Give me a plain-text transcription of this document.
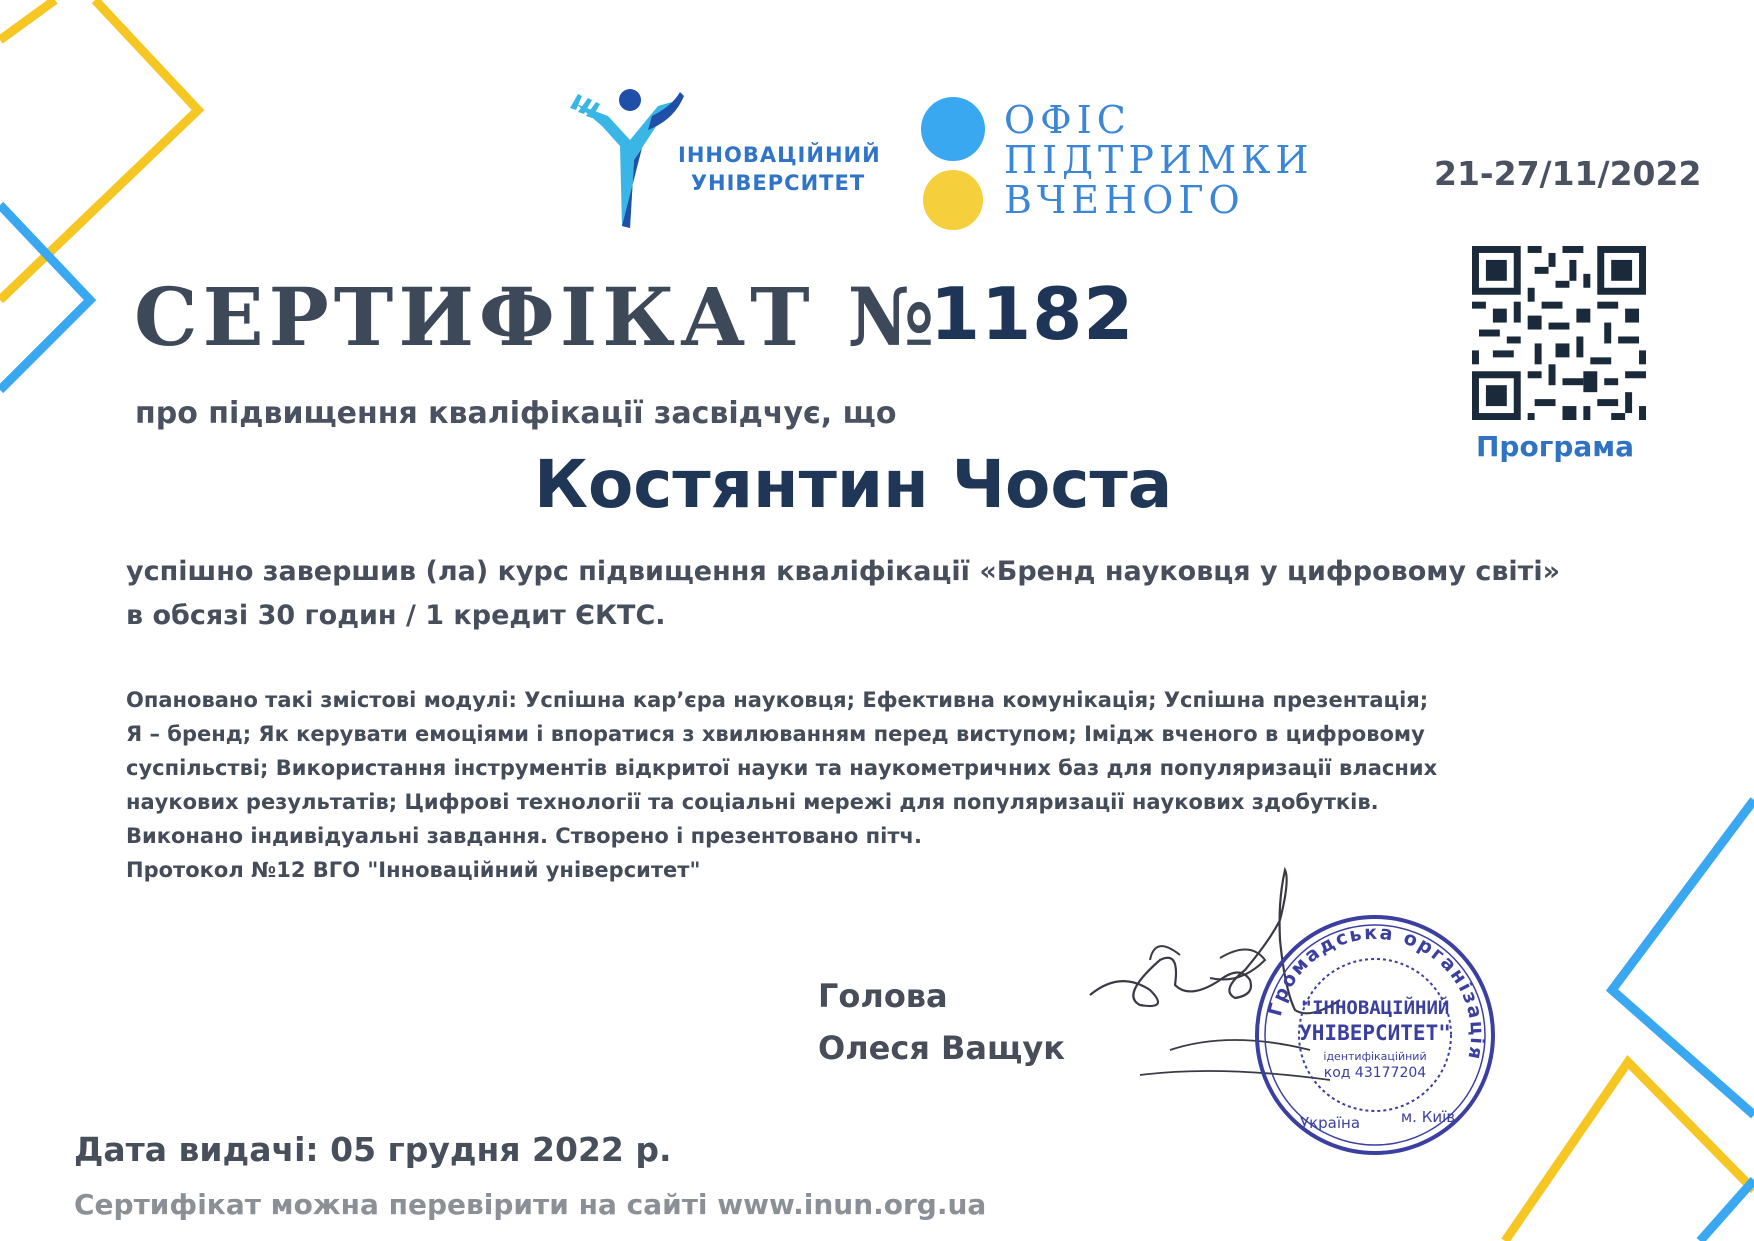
ІННОВАЦІЙНИЙ
УНІВЕРСИТЕТ
ОФІС
ПІДТРИМКИ
ВЧЕНОГО
21-27/11/2022
Програма
СЕРТИФІКАТ №
1182
про підвищення кваліфікації засвідчує, що
Костянтин Чоста
успішно завершив (ла) курс підвищення кваліфікації «Бренд науковця у цифровому світі»
в обсязі 30 годин / 1 кредит ЄКТС.
Опановано такі змістові модулі: Успішна кар’єра науковця; Ефективна комунікація; Успішна презентація;
Я – бренд; Як керувати емоціями і впоратися з хвилюванням перед виступом; Імідж вченого в цифровому
суспільстві; Використання інструментів відкритої науки та наукометричних баз для популяризації власних
наукових результатів; Цифрові технології та соціальні мережі для популяризації наукових здобутків.
Виконано індивідуальні завдання. Створено і презентовано пітч.
Протокол №12 ВГО "Інноваційний університет"
Голова
Олеся Ващук
Громадська організація
"ІННОВАЦІЙНИЙ
УНІВЕРСИТЕТ"
ідентифікаційний
код 43177204
Україна	м. Київ
Дата видачі: 05 грудня 2022 р.
Сертифікат можна перевірити на сайті www.inun.org.ua
